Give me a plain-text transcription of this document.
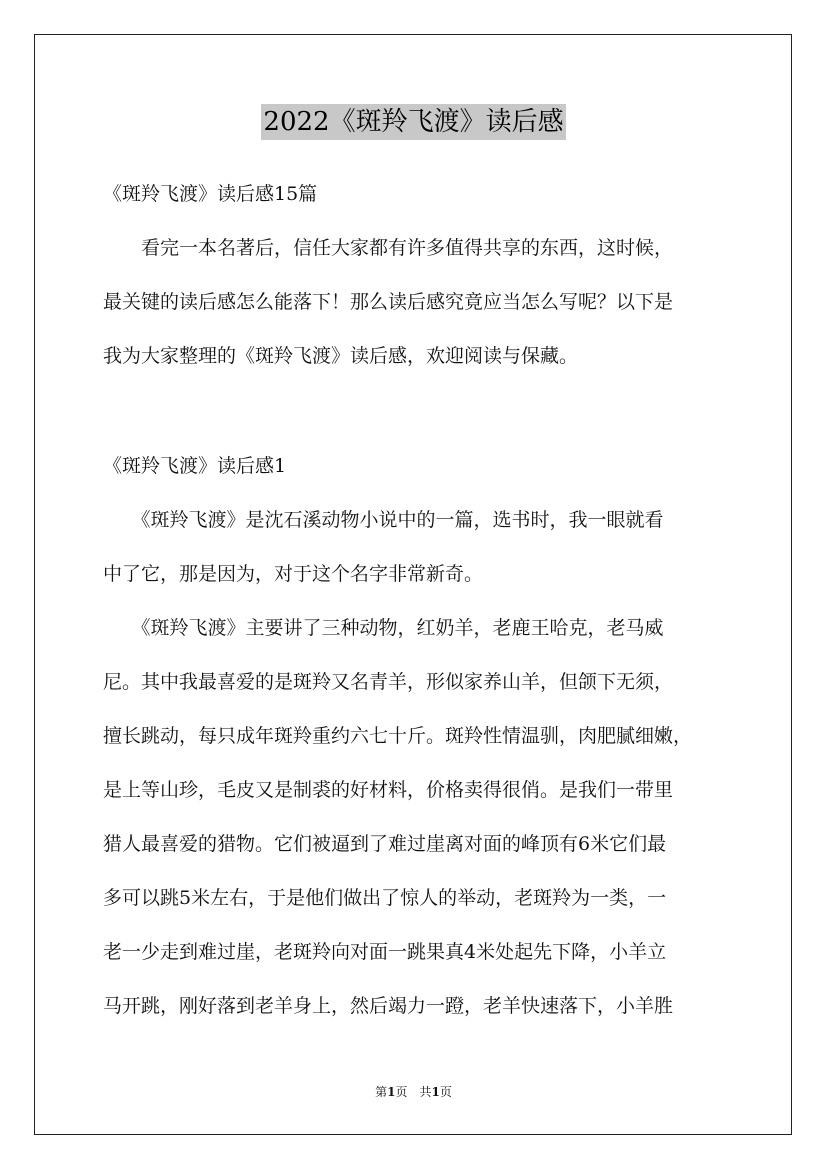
2022《斑羚飞渡》读后感
《斑羚飞渡》读后感15篇
　　看完一本名著后，信任大家都有许多值得共享的东西，这时候，
最关键的读后感怎么能落下！那么读后感究竟应当怎么写呢？以下是
我为大家整理的《斑羚飞渡》读后感，欢迎阅读与保藏。
《斑羚飞渡》读后感1
　　《斑羚飞渡》是沈石溪动物小说中的一篇，选书时，我一眼就看
中了它，那是因为，对于这个名字非常新奇。
　　《斑羚飞渡》主要讲了三种动物，红奶羊，老鹿王哈克，老马威
尼。其中我最喜爱的是斑羚又名青羊，形似家养山羊，但颌下无须，
擅长跳动，每只成年斑羚重约六七十斤。斑羚性情温驯，肉肥腻细嫩，
是上等山珍，毛皮又是制裘的好材料，价格卖得很俏。是我们一带里
猎人最喜爱的猎物。它们被逼到了难过崖离对面的峰顶有6米它们最
多可以跳5米左右，于是他们做出了惊人的举动，老斑羚为一类，一
老一少走到难过崖，老斑羚向对面一跳果真4米处起先下降，小羊立
马开跳，刚好落到老羊身上，然后竭力一蹬，老羊快速落下，小羊胜
第1页　共1页
